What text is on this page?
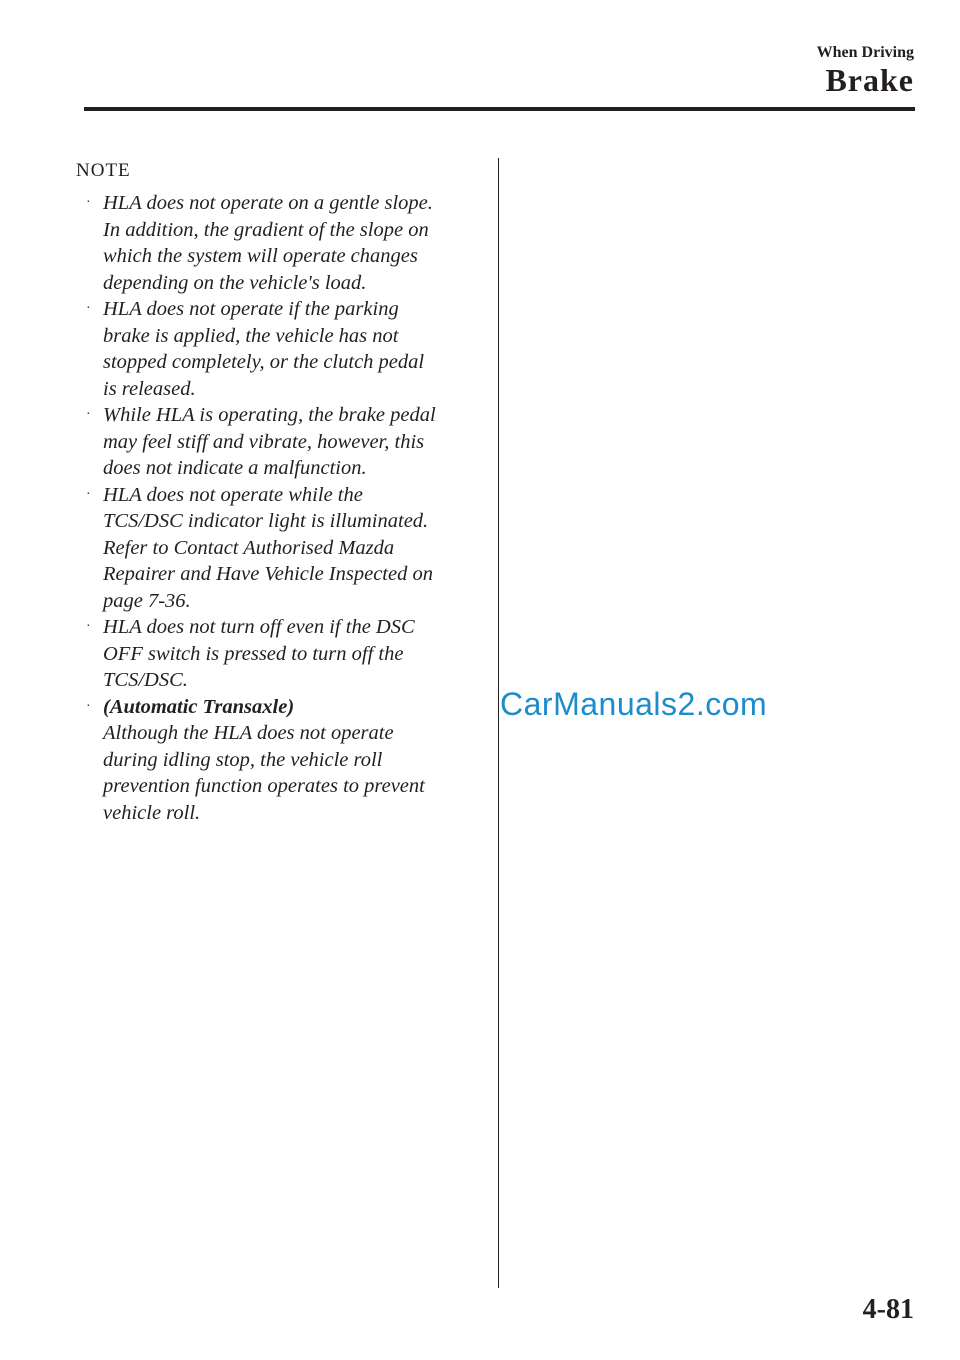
When Driving
Brake
NOTE
· HLA does not operate on a gentle slope.
In addition, the gradient of the slope on
which the system will operate changes
depending on the vehicle's load.
· HLA does not operate if the parking
brake is applied, the vehicle has not
stopped completely, or the clutch pedal
is released.
· While HLA is operating, the brake pedal
may feel stiff and vibrate, however, this
does not indicate a malfunction.
· HLA does not operate while the
TCS/DSC indicator light is illuminated.
Refer to Contact Authorised Mazda
Repairer and Have Vehicle Inspected on
page 7-36.
· HLA does not turn off even if the DSC
OFF switch is pressed to turn off the
TCS/DSC.
· (Automatic Transaxle)
Although the HLA does not operate
during idling stop, the vehicle roll
prevention function operates to prevent
vehicle roll.
CarManuals2.com
4-81
